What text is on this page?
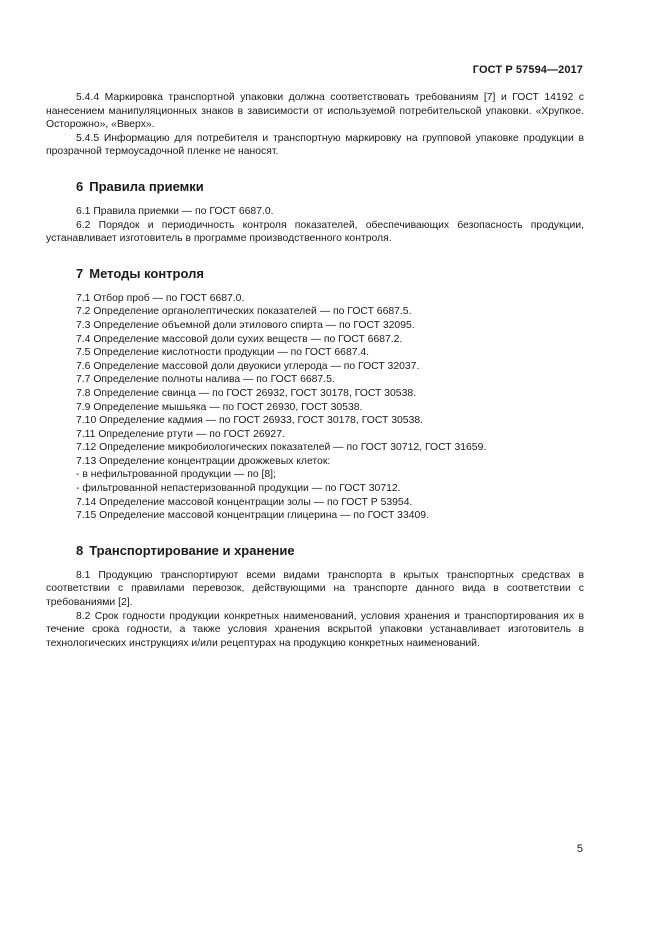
ГОСТ Р 57594—2017

5.4.4 Маркировка транспортной упаковки должна соответствовать требованиям [7] и ГОСТ 14192 с нанесением манипуляционных знаков в зависимости от используемой потребительской упаковки. «Хрупкое. Осторожно», «Вверх».

5.4.5 Информацию для потребителя и транспортную маркировку на групповой упаковке продукции в прозрачной термоусадочной пленке не наносят.

6 Правила приемки

6.1 Правила приемки — по ГОСТ 6687.0.

6.2 Порядок и периодичность контроля показателей, обеспечивающих безопасность продукции, устанавливает изготовитель в программе производственного контроля.

7 Методы контроля

7.1 Отбор проб — по ГОСТ 6687.0.

7.2 Определение органолептических показателей — по ГОСТ 6687.5.

7.3 Определение объемной доли этилового спирта — по ГОСТ 32095.

7.4 Определение массовой доли сухих веществ — по ГОСТ 6687.2.

7.5 Определение кислотности продукции — по ГОСТ 6687.4.

7.6 Определение массовой доли двуокиси углерода — по ГОСТ 32037.

7.7 Определение полноты налива — по ГОСТ 6687.5.

7.8 Определение свинца — по ГОСТ 26932, ГОСТ 30178, ГОСТ 30538.

7.9 Определение мышьяка — по ГОСТ 26930, ГОСТ 30538.

7.10 Определение кадмия — по ГОСТ 26933, ГОСТ 30178, ГОСТ 30538.

7.11 Определение ртути — по ГОСТ 26927.

7.12 Определение микробиологических показателей — по ГОСТ 30712, ГОСТ 31659.

7.13 Определение концентрации дрожжевых клеток:

- в нефильтрованной продукции — по [8];

- фильтрованной непастеризованной продукции — по ГОСТ 30712.

7.14 Определение массовой концентрации золы — по ГОСТ Р 53954.

7.15 Определение массовой концентрации глицерина — по ГОСТ 33409.

8 Транспортирование и хранение

8.1 Продукцию транспортируют всеми видами транспорта в крытых транспортных средствах в соответствии с правилами перевозок, действующими на транспорте данного вида в соответствии с требованиями [2].

8.2 Срок годности продукции конкретных наименований, условия хранения и транспортирования их в течение срока годности, а также условия хранения вскрытой упаковки устанавливает изготовитель в технологических инструкциях и/или рецептурах на продукцию конкретных наименований.

5
